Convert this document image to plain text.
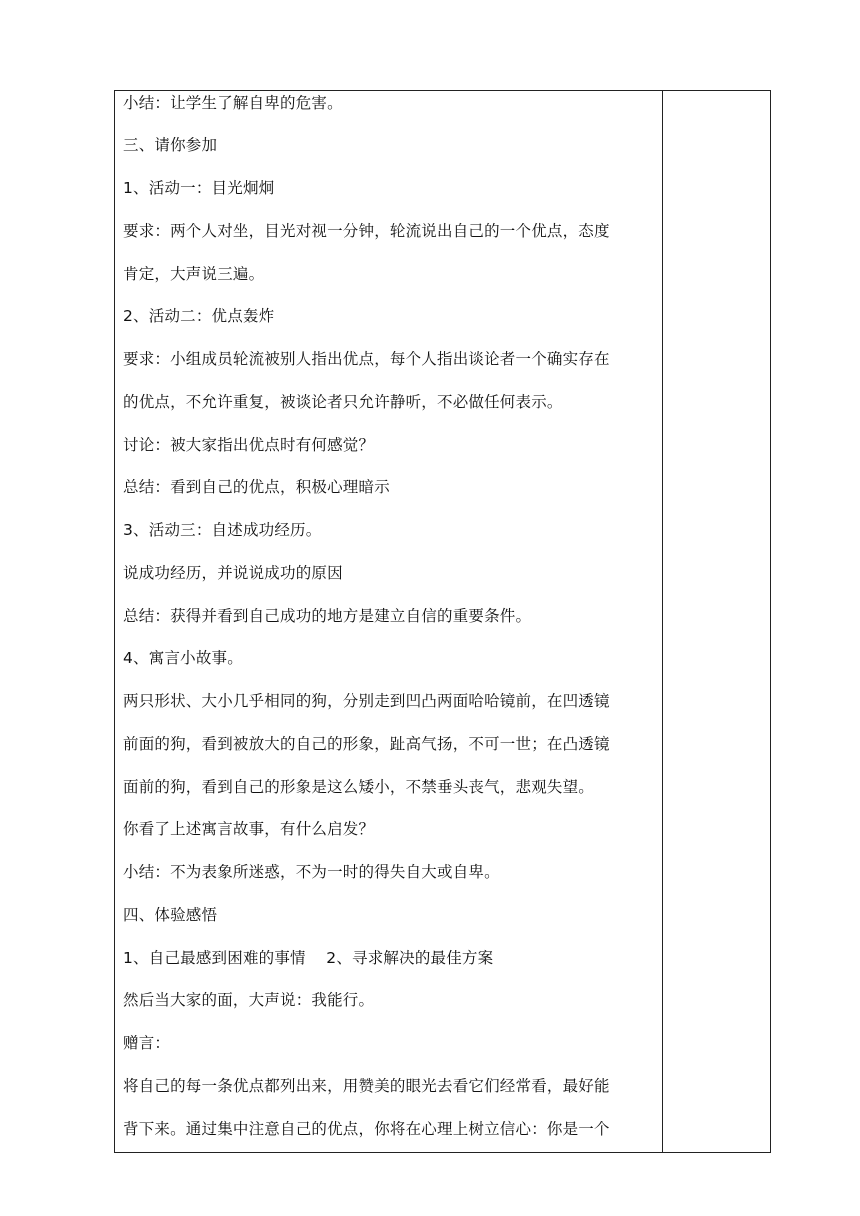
小结：让学生了解自卑的危害。
三、请你参加
1、活动一：目光炯炯
要求：两个人对坐，目光对视一分钟，轮流说出自己的一个优点，态度
肯定，大声说三遍。
2、活动二：优点轰炸
要求：小组成员轮流被别人指出优点，每个人指出谈论者一个确实存在
的优点，不允许重复，被谈论者只允许静听，不必做任何表示。
讨论：被大家指出优点时有何感觉？
总结：看到自己的优点，积极心理暗示
3、活动三：自述成功经历。
说成功经历，并说说成功的原因
总结：获得并看到自己成功的地方是建立自信的重要条件。
4、寓言小故事。
两只形状、大小几乎相同的狗，分别走到凹凸两面哈哈镜前，在凹透镜
前面的狗，看到被放大的自己的形象，趾高气扬，不可一世；在凸透镜
面前的狗，看到自己的形象是这么矮小，不禁垂头丧气，悲观失望。
你看了上述寓言故事，有什么启发？
小结：不为表象所迷惑，不为一时的得失自大或自卑。
四、体验感悟
1、自己最感到困难的事情    2、寻求解决的最佳方案
然后当大家的面，大声说：我能行。
赠言：
将自己的每一条优点都列出来，用赞美的眼光去看它们经常看，最好能
背下来。通过集中注意自己的优点，你将在心理上树立信心：你是一个
